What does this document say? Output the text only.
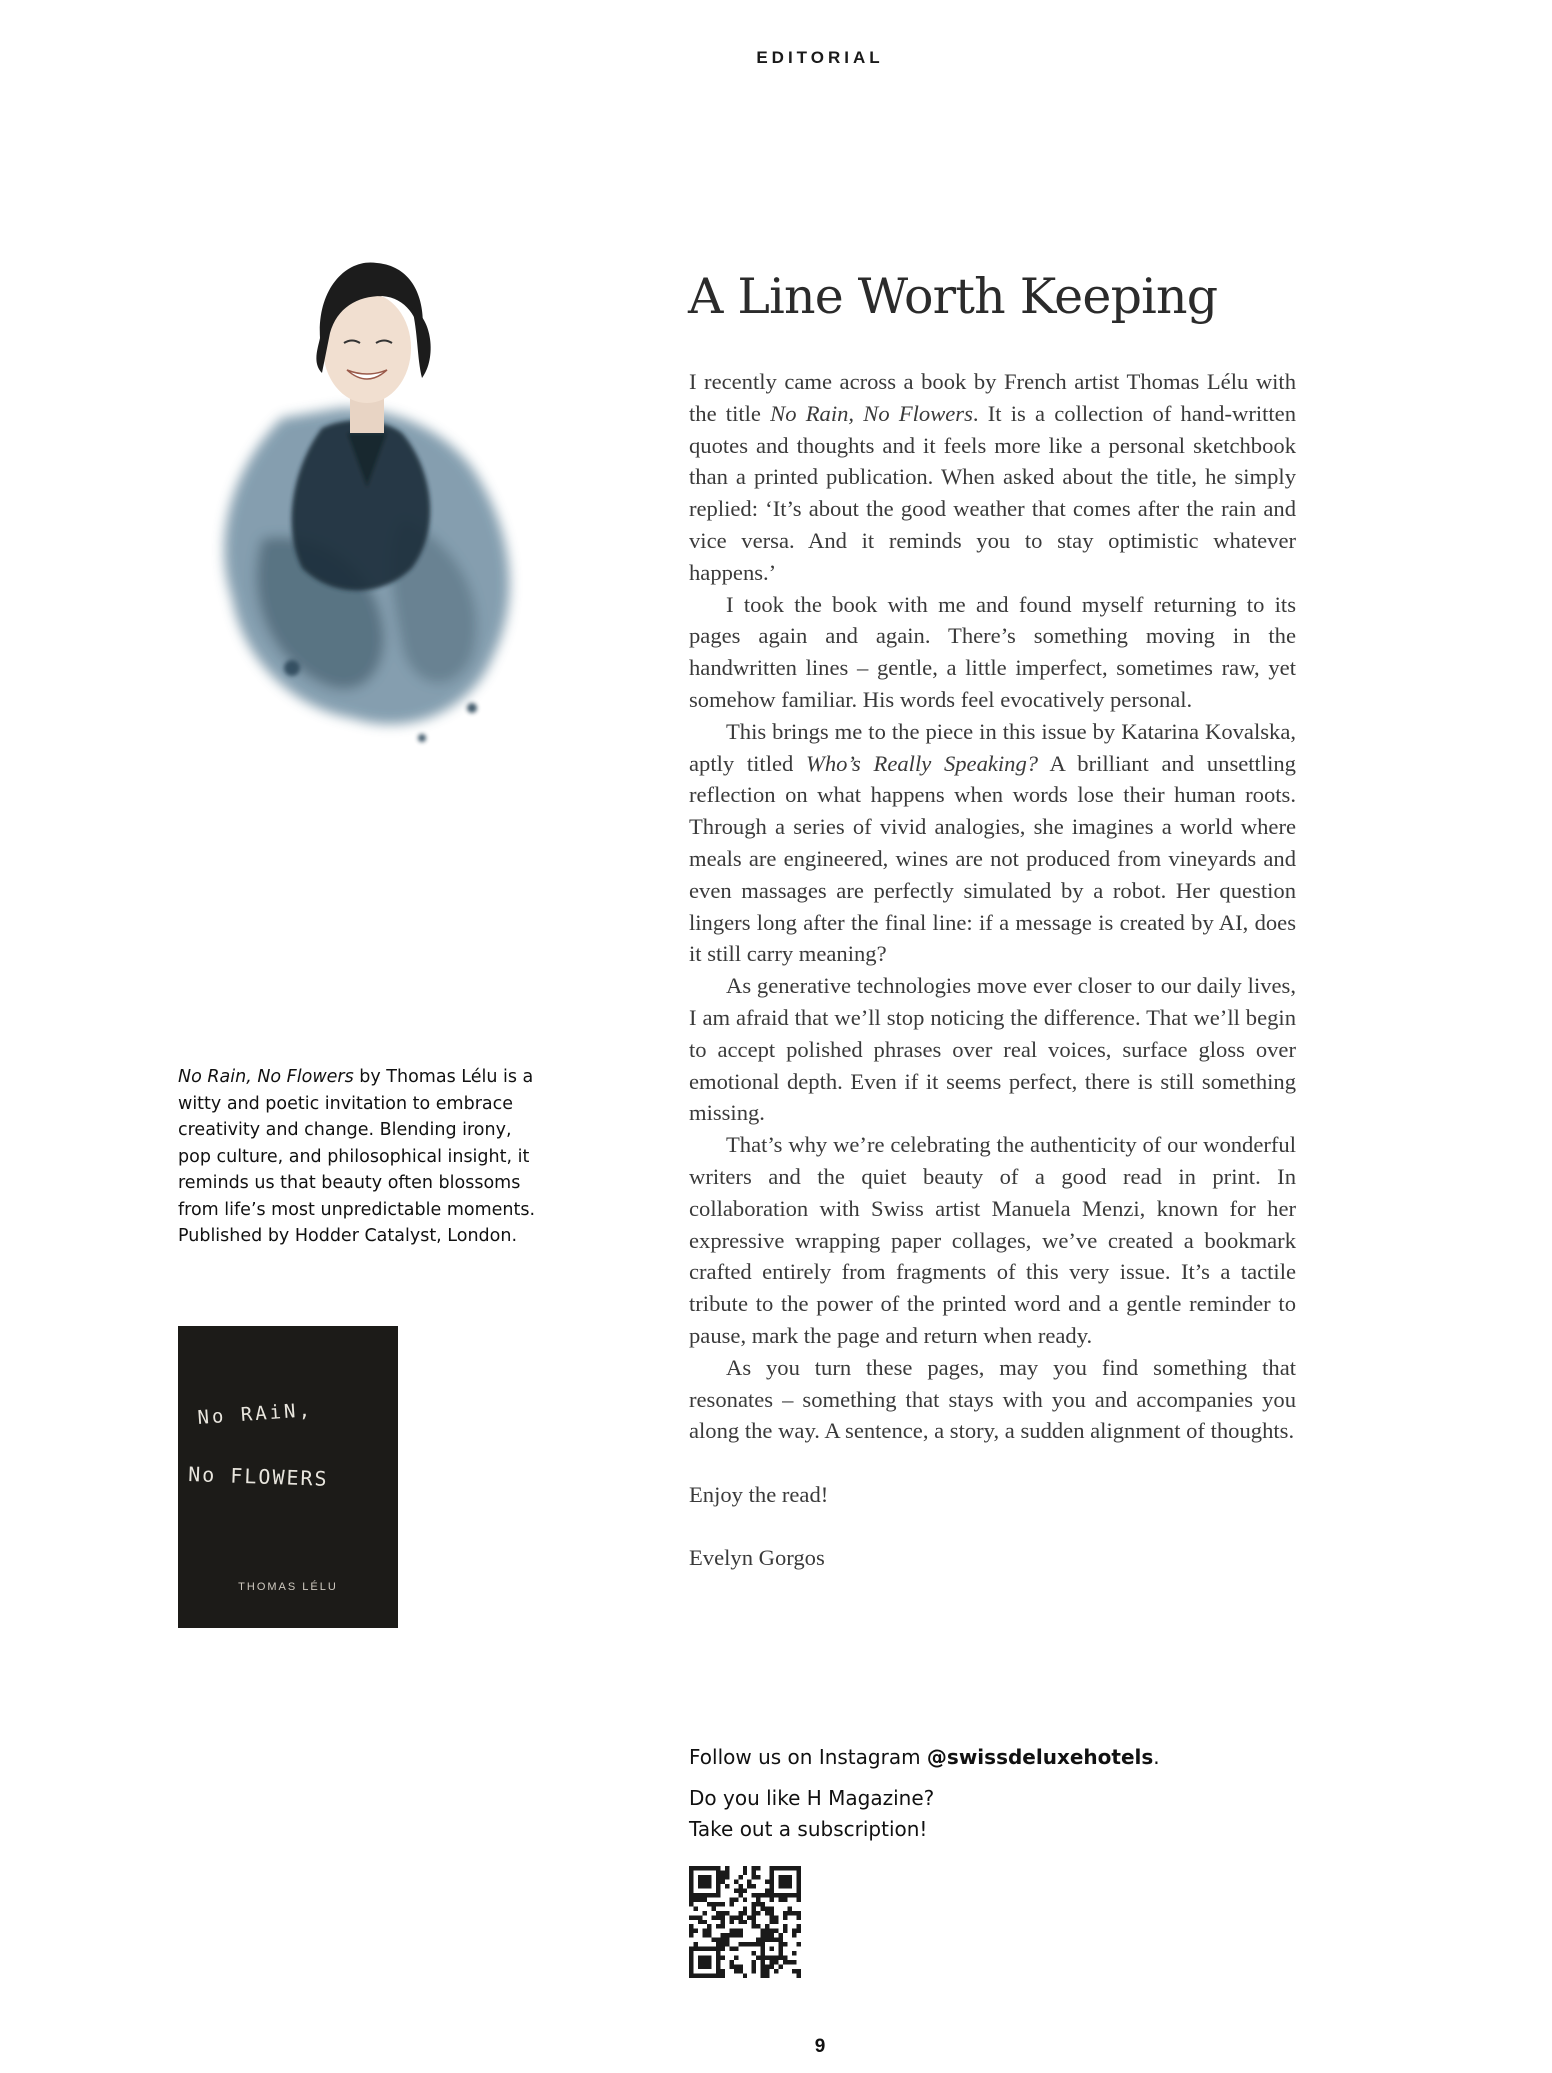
EDITORIAL
No Rain, No Flowers by Thomas Lélu is a witty and poetic invitation to embrace creativity and change. Blending irony, pop culture, and philosophical insight, it reminds us that beauty often blossoms from life’s most unpredictable moments. Published by Hodder Catalyst, London.
No RAiN,
No FLOWERS
THOMAS LÉLU
A Line Worth Keeping

I recently came across a book by French artist Thomas Lélu with the title No Rain, No Flowers. It is a collection of hand-written quotes and thoughts and it feels more like a personal sketchbook than a printed publication. When asked about the title, he simply replied: ‘It’s about the good weather that comes after the rain and vice versa. And it reminds you to stay optimistic whatever happens.’

I took the book with me and found myself returning to its pages again and again. There’s something moving in the handwritten lines – gentle, a little imperfect, sometimes raw, yet somehow familiar. His words feel evocatively personal.

This brings me to the piece in this issue by Katarina Kovalska, aptly titled Who’s Really Speaking? A brilliant and unsettling reflection on what happens when words lose their human roots. Through a series of vivid analogies, she imagines a world where meals are engineered, wines are not produced from vineyards and even massages are perfectly simulated by a robot. Her question lingers long after the final line: if a message is created by AI, does it still carry meaning?

As generative technologies move ever closer to our daily lives, I am afraid that we’ll stop noticing the difference. That we’ll begin to accept polished phrases over real voices, surface gloss over emotional depth. Even if it seems perfect, there is still something missing.

That’s why we’re celebrating the authenticity of our wonderful writers and the quiet beauty of a good read in print. In collaboration with Swiss artist Manuela Menzi, known for her expressive wrapping paper collages, we’ve created a bookmark crafted entirely from fragments of this very issue. It’s a tactile tribute to the power of the printed word and a gentle reminder to pause, mark the page and return when ready.

As you turn these pages, may you find something that resonates – something that stays with you and accompanies you along the way. A sentence, a story, a sudden alignment of thoughts.

Enjoy the read!

Evelyn Gorgos

Follow us on Instagram @swissdeluxehotels.
Do you like H Magazine?
Take out a subscription!
9
